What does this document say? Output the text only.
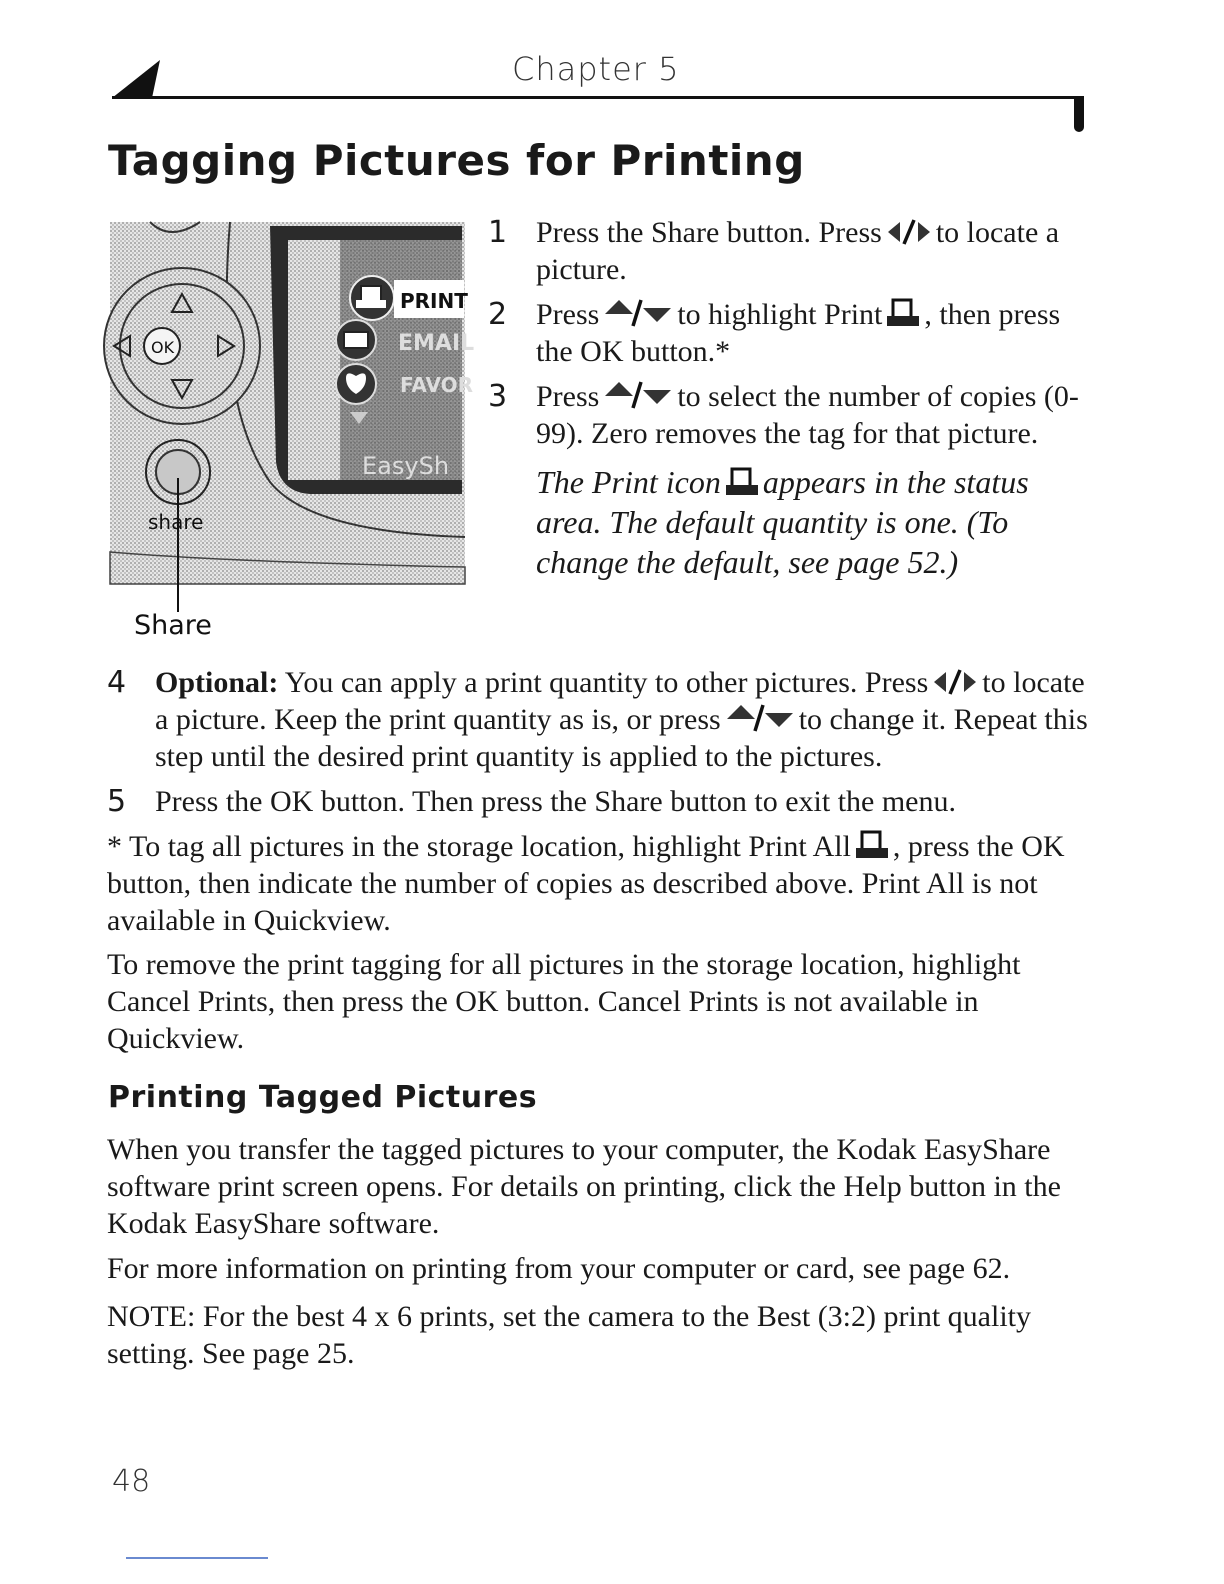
Chapter 5
Tagging Pictures for Printing
PRINT
EMAIL
FAVOR
EasySh
OK
share
Share
1 Press the Share button. Press to locate a picture.
2 Press	to highlight Print , then press the OK button.*
3 Press	to select the number of copies (0-99). Zero removes the tag for that picture.
The Print icon appears in the status area. The default quantity is one. (To change the default, see page 52.)
4 Optional: You can apply a print quantity to other pictures. Press to locate a picture. Keep the print quantity as is, or press	to change it. Repeat this step until the desired print quantity is applied to the pictures.
5 Press the OK button. Then press the Share button to exit the menu.

* To tag all pictures in the storage location, highlight Print All , press the OK button, then indicate the number of copies as described above. Print All is not available in Quickview.

To remove the print tagging for all pictures in the storage location, highlight Cancel Prints, then press the OK button. Cancel Prints is not available in Quickview.

Printing Tagged Pictures

When you transfer the tagged pictures to your computer, the Kodak EasyShare software print screen opens. For details on printing, click the Help button in the Kodak EasyShare software.

For more information on printing from your computer or card, see page 62.

NOTE: For the best 4 x 6 prints, set the camera to the Best (3:2) print quality setting. See page 25.
48
